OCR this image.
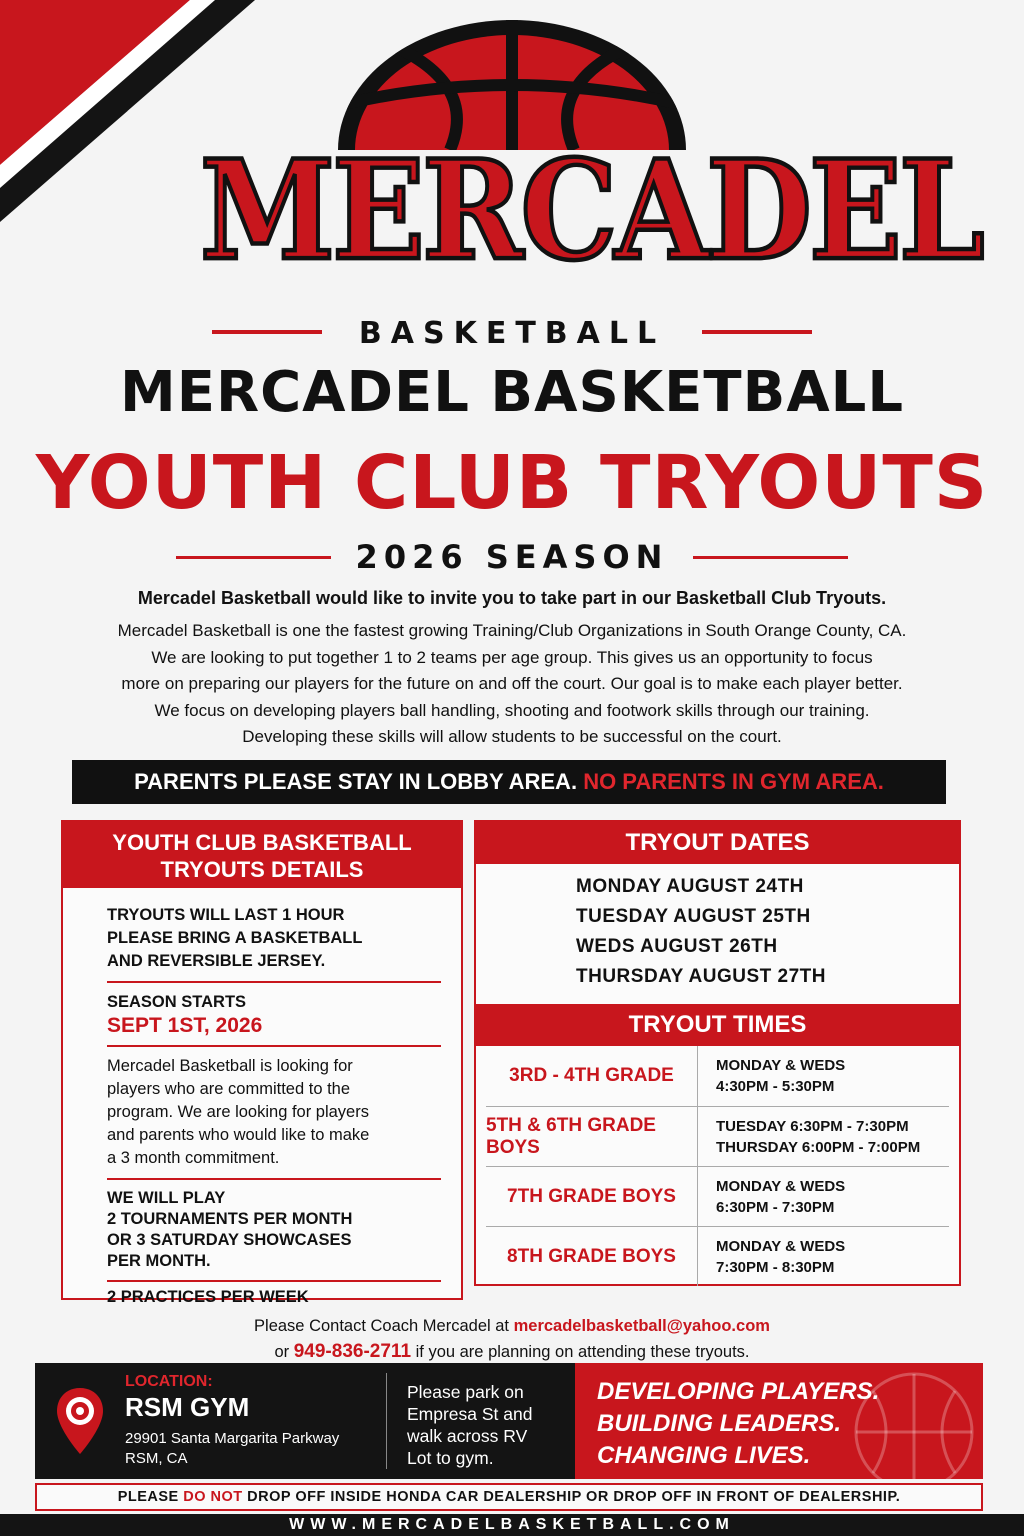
MERCADEL
BASKETBALL
MERCADEL BASKETBALL
YOUTH CLUB TRYOUTS
2026 SEASON

Mercadel Basketball would like to invite you to take part in our Basketball Club Tryouts.

Mercadel Basketball is one the fastest growing Training/Club Organizations in South Orange County, CA.
We are looking to put together 1 to 2 teams per age group. This gives us an opportunity to focus
more on preparing our players for the future on and off the court. Our goal is to make each player better.
We focus on developing players ball handling, shooting and footwork skills through our training.
Developing these skills will allow students to be successful on the court.
PARENTS PLEASE STAY IN LOBBY AREA. NO PARENTS IN GYM AREA.
YOUTH CLUB BASKETBALL
TRYOUTS DETAILS
TRYOUTS WILL LAST 1 HOUR
PLEASE BRING A BASKETBALL
AND REVERSIBLE JERSEY.
SEASON STARTS
SEPT 1ST, 2026
Mercadel Basketball is looking for
players who are committed to the
program. We are looking for players
and parents who would like to make
a 3 month commitment.
WE WILL PLAY
2 TOURNAMENTS PER MONTH
OR 3 SATURDAY SHOWCASES
PER MONTH.
2 PRACTICES PER WEEK
TRYOUT DATES
MONDAY AUGUST 24TH
TUESDAY AUGUST 25TH
WEDS AUGUST 26TH
THURSDAY AUGUST 27TH
TRYOUT TIMES
3RD - 4TH GRADE	MONDAY & WEDS
4:30PM - 5:30PM
5TH & 6TH GRADE BOYS
TUESDAY 6:30PM - 7:30PM
THURSDAY 6:00PM - 7:00PM
7TH GRADE BOYS	MONDAY & WEDS
6:30PM - 7:30PM
8TH GRADE BOYS	MONDAY & WEDS
7:30PM - 8:30PM
Please Contact Coach Mercadel at mercadelbasketball@yahoo.com
or 949-836-2711 if you are planning on attending these tryouts.
LOCATION:
RSM GYM
29901 Santa Margarita Parkway
RSM, CA
Please park on
Empresa St and
walk across RV
Lot to gym.
DEVELOPING PLAYERS.
BUILDING LEADERS.
CHANGING LIVES.
PLEASE DO NOT DROP OFF INSIDE HONDA CAR DEALERSHIP OR DROP OFF IN FRONT OF DEALERSHIP.
WWW.MERCADELBASKETBALL.COM
